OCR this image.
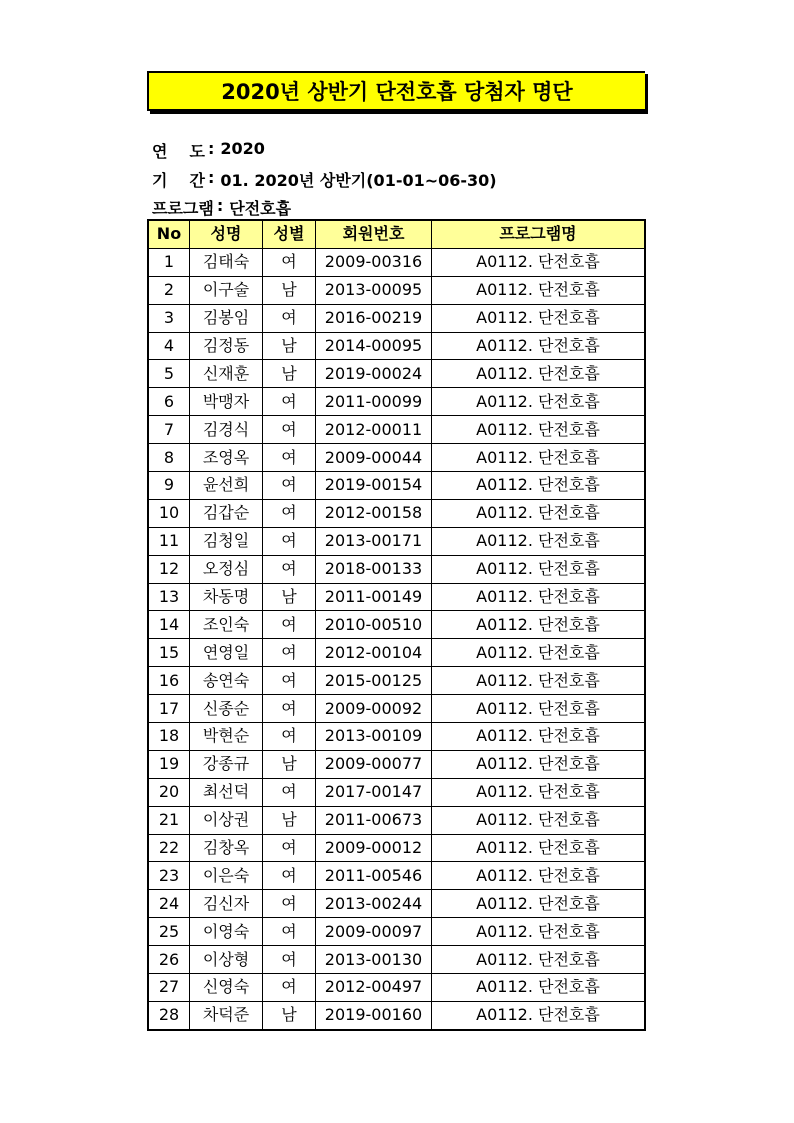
2020년 상반기 단전호흡 당첨자 명단
연 도 : 2020
기 간 : 01. 2020년 상반기(01-01~06-30)
프로그램 : 단전호흡
No	성명	성별	회원번호	프로그램명
1	김태숙	여	2009-00316	A0112. 단전호흡
2	이구술	남	2013-00095	A0112. 단전호흡
3	김봉임	여	2016-00219	A0112. 단전호흡
4	김정동	남	2014-00095	A0112. 단전호흡
5	신재훈	남	2019-00024	A0112. 단전호흡
6	박맹자	여	2011-00099	A0112. 단전호흡
7	김경식	여	2012-00011	A0112. 단전호흡
8	조영옥	여	2009-00044	A0112. 단전호흡
9	윤선희	여	2019-00154	A0112. 단전호흡
10	김갑순	여	2012-00158	A0112. 단전호흡
11	김청일	여	2013-00171	A0112. 단전호흡
12	오정심	여	2018-00133	A0112. 단전호흡
13	차동명	남	2011-00149	A0112. 단전호흡
14	조인숙	여	2010-00510	A0112. 단전호흡
15	연영일	여	2012-00104	A0112. 단전호흡
16	송연숙	여	2015-00125	A0112. 단전호흡
17	신종순	여	2009-00092	A0112. 단전호흡
18	박현순	여	2013-00109	A0112. 단전호흡
19	강종규	남	2009-00077	A0112. 단전호흡
20	최선덕	여	2017-00147	A0112. 단전호흡
21	이상권	남	2011-00673	A0112. 단전호흡
22	김창옥	여	2009-00012	A0112. 단전호흡
23	이은숙	여	2011-00546	A0112. 단전호흡
24	김신자	여	2013-00244	A0112. 단전호흡
25	이영숙	여	2009-00097	A0112. 단전호흡
26	이상형	여	2013-00130	A0112. 단전호흡
27	신영숙	여	2012-00497	A0112. 단전호흡
28	차덕준	남	2019-00160	A0112. 단전호흡
